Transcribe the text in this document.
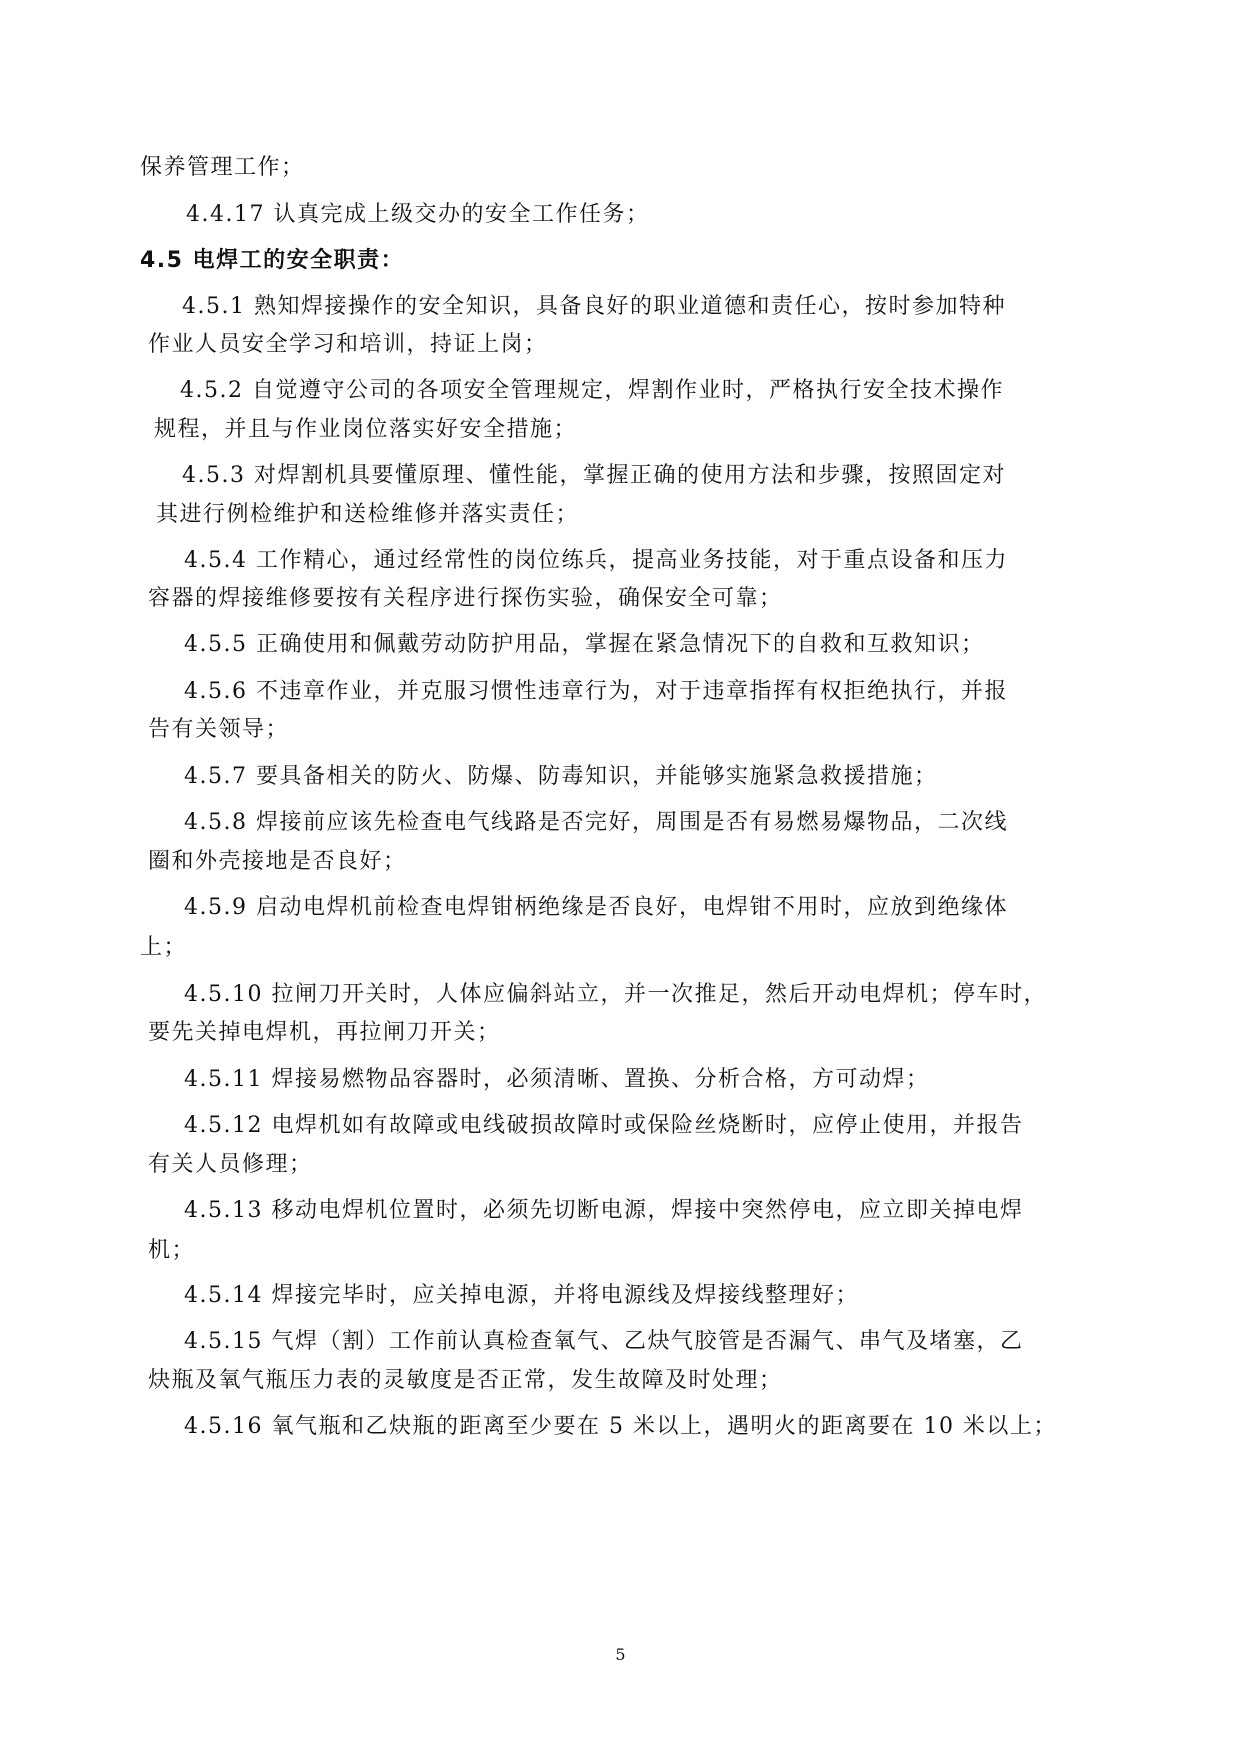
保养管理工作；
4.4.17 认真完成上级交办的安全工作任务；
4.5 电焊工的安全职责：
4.5.1 熟知焊接操作的安全知识，具备良好的职业道德和责任心，按时参加特种
作业人员安全学习和培训，持证上岗；
4.5.2 自觉遵守公司的各项安全管理规定，焊割作业时，严格执行安全技术操作
规程，并且与作业岗位落实好安全措施；
4.5.3 对焊割机具要懂原理、懂性能，掌握正确的使用方法和步骤，按照固定对
其进行例检维护和送检维修并落实责任；
4.5.4 工作精心，通过经常性的岗位练兵，提高业务技能，对于重点设备和压力
容器的焊接维修要按有关程序进行探伤实验，确保安全可靠；
4.5.5 正确使用和佩戴劳动防护用品，掌握在紧急情况下的自救和互救知识；
4.5.6 不违章作业，并克服习惯性违章行为，对于违章指挥有权拒绝执行，并报
告有关领导；
4.5.7 要具备相关的防火、防爆、防毒知识，并能够实施紧急救援措施；
4.5.8 焊接前应该先检查电气线路是否完好，周围是否有易燃易爆物品，二次线
圈和外壳接地是否良好；
4.5.9 启动电焊机前检查电焊钳柄绝缘是否良好，电焊钳不用时，应放到绝缘体
上；
4.5.10 拉闸刀开关时，人体应偏斜站立，并一次推足，然后开动电焊机；停车时，
要先关掉电焊机，再拉闸刀开关；
4.5.11 焊接易燃物品容器时，必须清晰、置换、分析合格，方可动焊；
4.5.12 电焊机如有故障或电线破损故障时或保险丝烧断时，应停止使用，并报告
有关人员修理；
4.5.13 移动电焊机位置时，必须先切断电源，焊接中突然停电，应立即关掉电焊
机；
4.5.14 焊接完毕时，应关掉电源，并将电源线及焊接线整理好；
4.5.15 气焊（割）工作前认真检查氧气、乙炔气胶管是否漏气、串气及堵塞，乙
炔瓶及氧气瓶压力表的灵敏度是否正常，发生故障及时处理；
4.5.16 氧气瓶和乙炔瓶的距离至少要在 5 米以上，遇明火的距离要在 10 米以上；
5
